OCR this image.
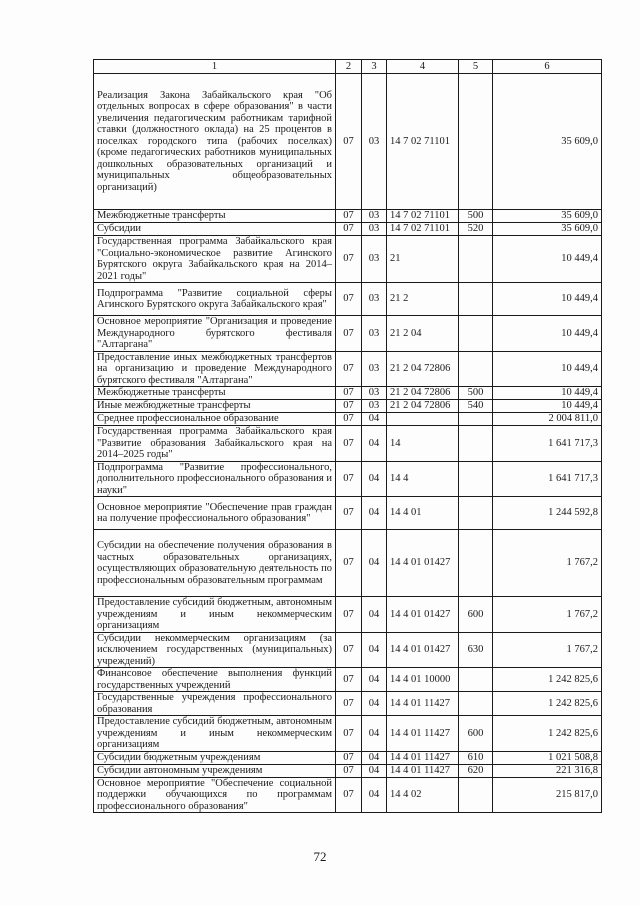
1	2	3	4	5	6
Реализация Закона Забайкальского края "Об отдельных вопросах в сфере образования" в части увеличения педагогическим работникам тарифной ставки (должностного оклада) на 25 процентов в поселках городского типа (рабочих поселках) (кроме педагогических работников муниципальных дошкольных образовательных организаций и муниципальных общеобразовательных организаций)	07	03	14 7 02 71101		35 609,0
Межбюджетные трансферты	07	03	14 7 02 71101	500	35 609,0
Субсидии	07	03	14 7 02 71101	520	35 609,0
Государственная программа Забайкальского края "Социально-экономическое развитие Агинского Бурятского округа Забайкальского края на 2014–2021 годы"	07	03	21		10 449,4
Подпрограмма "Развитие социальной сферы Агинского Бурятского округа Забайкальского края"	07	03	21 2		10 449,4
Основное мероприятие "Организация и проведение Международного бурятского фестиваля "Алтаргана"	07	03	21 2 04		10 449,4
Предоставление иных межбюджетных трансфертов на организацию и проведение Международного бурятского фестиваля "Алтаргана"	07	03	21 2 04 72806		10 449,4
Межбюджетные трансферты	07	03	21 2 04 72806	500	10 449,4
Иные межбюджетные трансферты	07	03	21 2 04 72806	540	10 449,4
Среднее профессиональное образование	07	04			2 004 811,0
Государственная программа Забайкальского края "Развитие образования Забайкальского края на 2014–2025 годы"	07	04	14		1 641 717,3
Подпрограмма "Развитие профессионального, дополнительного профессионального образования и науки"	07	04	14 4		1 641 717,3
Основное мероприятие "Обеспечение прав граждан на получение профессионального образования"	07	04	14 4 01		1 244 592,8
Субсидии на обеспечение получения образования в частных образовательных организациях, осуществляющих образовательную деятельность по профессиональным образовательным программам	07	04	14 4 01 01427		1 767,2
Предоставление субсидий бюджетным, автономным учреждениям и иным некоммерческим организациям	07	04	14 4 01 01427	600	1 767,2
Субсидии некоммерческим организациям (за исключением государственных (муниципальных) учреждений)	07	04	14 4 01 01427	630	1 767,2
Финансовое обеспечение выполнения функций государственных учреждений	07	04	14 4 01 10000		1 242 825,6
Государственные учреждения профессионального образования	07	04	14 4 01 11427		1 242 825,6
Предоставление субсидий бюджетным, автономным учреждениям и иным некоммерческим организациям	07	04	14 4 01 11427	600	1 242 825,6
Субсидии бюджетным учреждениям	07	04	14 4 01 11427	610	1 021 508,8
Субсидии автономным учреждениям	07	04	14 4 01 11427	620	221 316,8
Основное мероприятие "Обеспечение социальной поддержки обучающихся по программам профессионального образования"	07	04	14 4 02		215 817,0
72
